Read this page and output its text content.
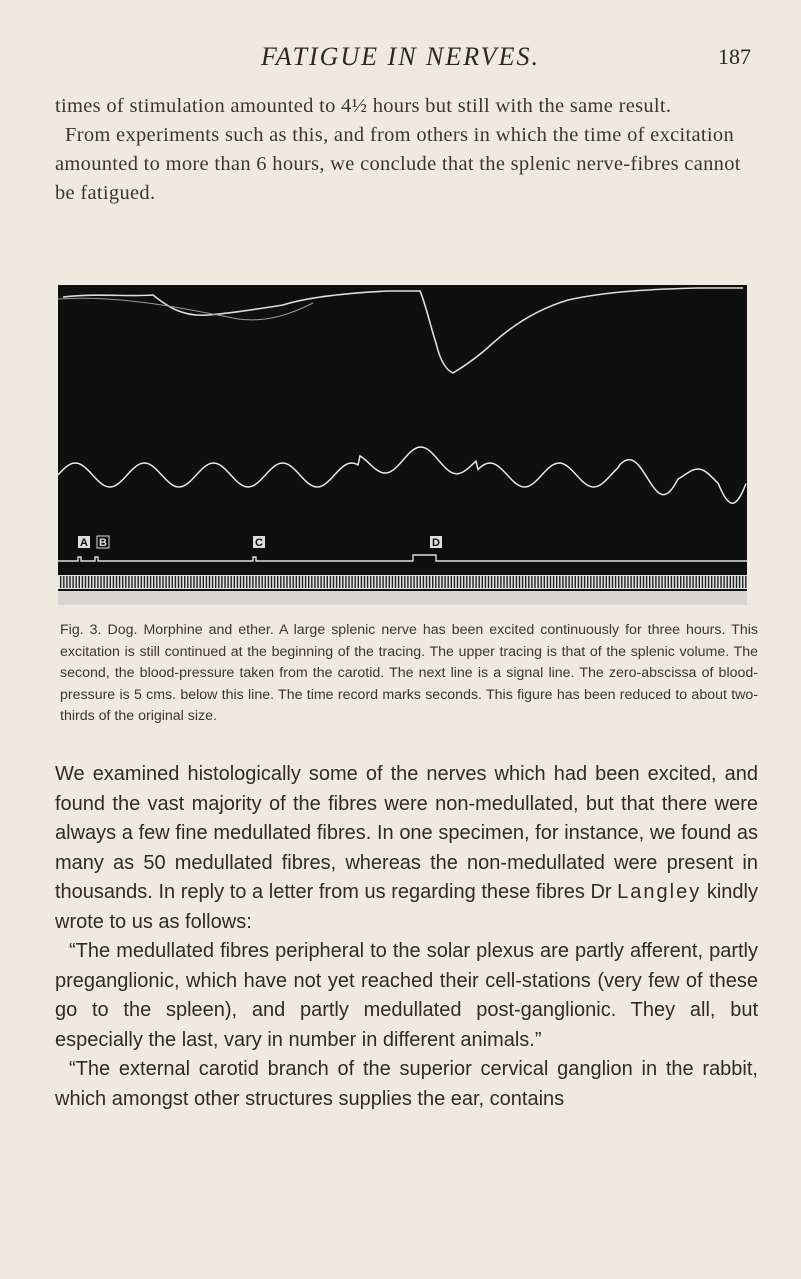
FATIGUE IN NERVES.	187

times of stimulation amounted to 4½ hours but still with the same result.

From experiments such as this, and from others in which the time of excitation amounted to more than 6 hours, we conclude that the splenic nerve-fibres cannot be fatigued.

A B	C	D

Fig. 3. Dog. Morphine and ether. A large splenic nerve has been excited continuously for three hours. This excitation is still continued at the beginning of the tracing. The upper tracing is that of the splenic volume. The second, the blood-pressure taken from the carotid. The next line is a signal line. The zero-abscissa of blood-pressure is 5 cms. below this line. The time record marks seconds. This figure has been reduced to about two-thirds of the original size.

We examined histologically some of the nerves which had been excited, and found the vast majority of the fibres were non-medullated, but that there were always a few fine medullated fibres. In one specimen, for instance, we found as many as 50 medullated fibres, whereas the non-medullated were present in thousands. In reply to a letter from us regarding these fibres Dr Langley kindly wrote to us as follows:

“The medullated fibres peripheral to the solar plexus are partly afferent, partly preganglionic, which have not yet reached their cell-stations (very few of these go to the spleen), and partly medullated post-ganglionic. They all, but especially the last, vary in number in different animals.”

“The external carotid branch of the superior cervical ganglion in the rabbit, which amongst other structures supplies the ear, contains
